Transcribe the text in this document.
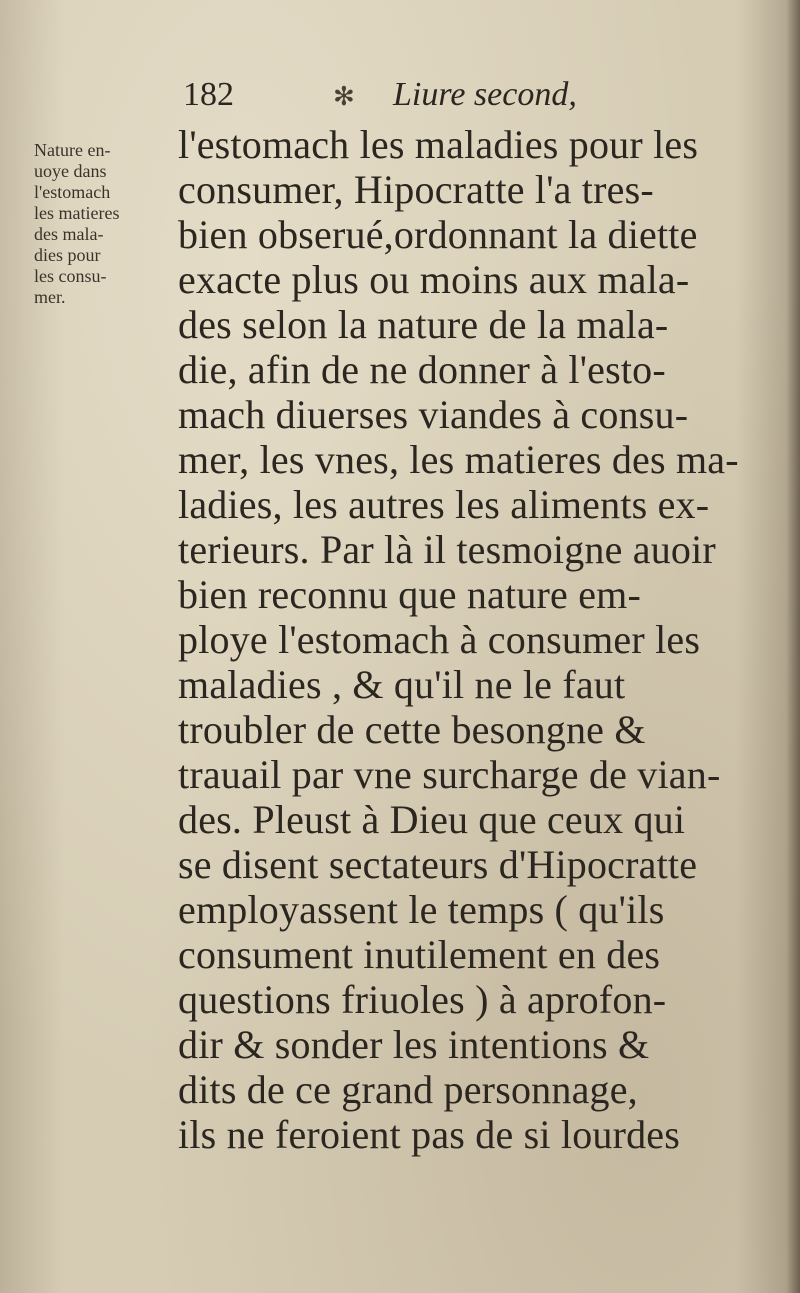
182	✻ Liure second,
Nature en-
uoye dans
l'estomach
les matieres
des mala-
dies pour
les consu-
mer.
l'estomach les maladies pour les
consumer, Hipocratte l'a tres-
bien obserué,ordonnant la diette
exacte plus ou moins aux mala-
des selon la nature de la mala-
die, afin de ne donner à l'esto-
mach diuerses viandes à consu-
mer, les vnes, les matieres des ma-
ladies, les autres les aliments ex-
terieurs. Par là il tesmoigne auoir
bien reconnu que nature em-
ploye l'estomach à consumer les
maladies , & qu'il ne le faut
troubler de cette besongne &
trauail par vne surcharge de vian-
des. Pleust à Dieu que ceux qui
se disent sectateurs d'Hipocratte
employassent le temps ( qu'ils
consument inutilement en des
questions friuoles ) à aprofon-
dir & sonder les intentions &
dits de ce grand personnage,
ils ne feroient pas de si lourdes
